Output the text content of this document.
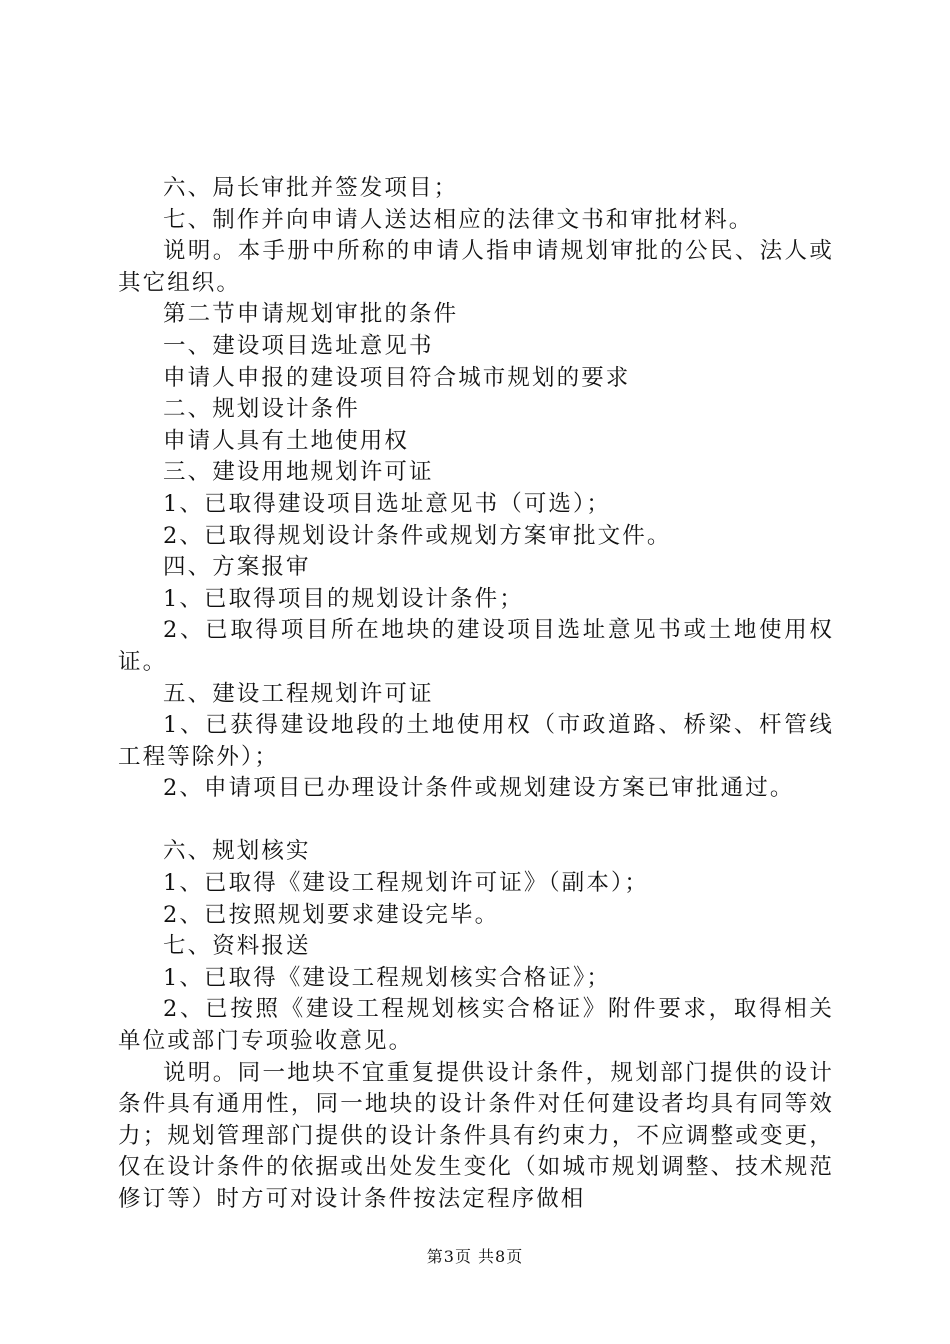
六、局长审批并签发项目；

七、制作并向申请人送达相应的法律文书和审批材料。

说明。本手册中所称的申请人指申请规划审批的公民、法人或其它组织。

第二节申请规划审批的条件

一、建设项目选址意见书

申请人申报的建设项目符合城市规划的要求

二、规划设计条件

申请人具有土地使用权

三、建设用地规划许可证

1、已取得建设项目选址意见书（可选）；

2、已取得规划设计条件或规划方案审批文件。

四、方案报审

1、已取得项目的规划设计条件；

2、已取得项目所在地块的建设项目选址意见书或土地使用权证。

五、建设工程规划许可证

1、已获得建设地段的土地使用权（市政道路、桥梁、杆管线工程等除外）；

2、申请项目已办理设计条件或规划建设方案已审批通过。

六、规划核实

1、已取得《建设工程规划许可证》（副本）；

2、已按照规划要求建设完毕。

七、资料报送

1、已取得《建设工程规划核实合格证》；

2、已按照《建设工程规划核实合格证》附件要求，取得相关单位或部门专项验收意见。

说明。同一地块不宜重复提供设计条件，规划部门提供的设计条件具有通用性，同一地块的设计条件对任何建设者均具有同等效力；规划管理部门提供的设计条件具有约束力，不应调整或变更，仅在设计条件的依据或出处发生变化（如城市规划调整、技术规范修订等）时方可对设计条件按法定程序做相

第3页 共8页
